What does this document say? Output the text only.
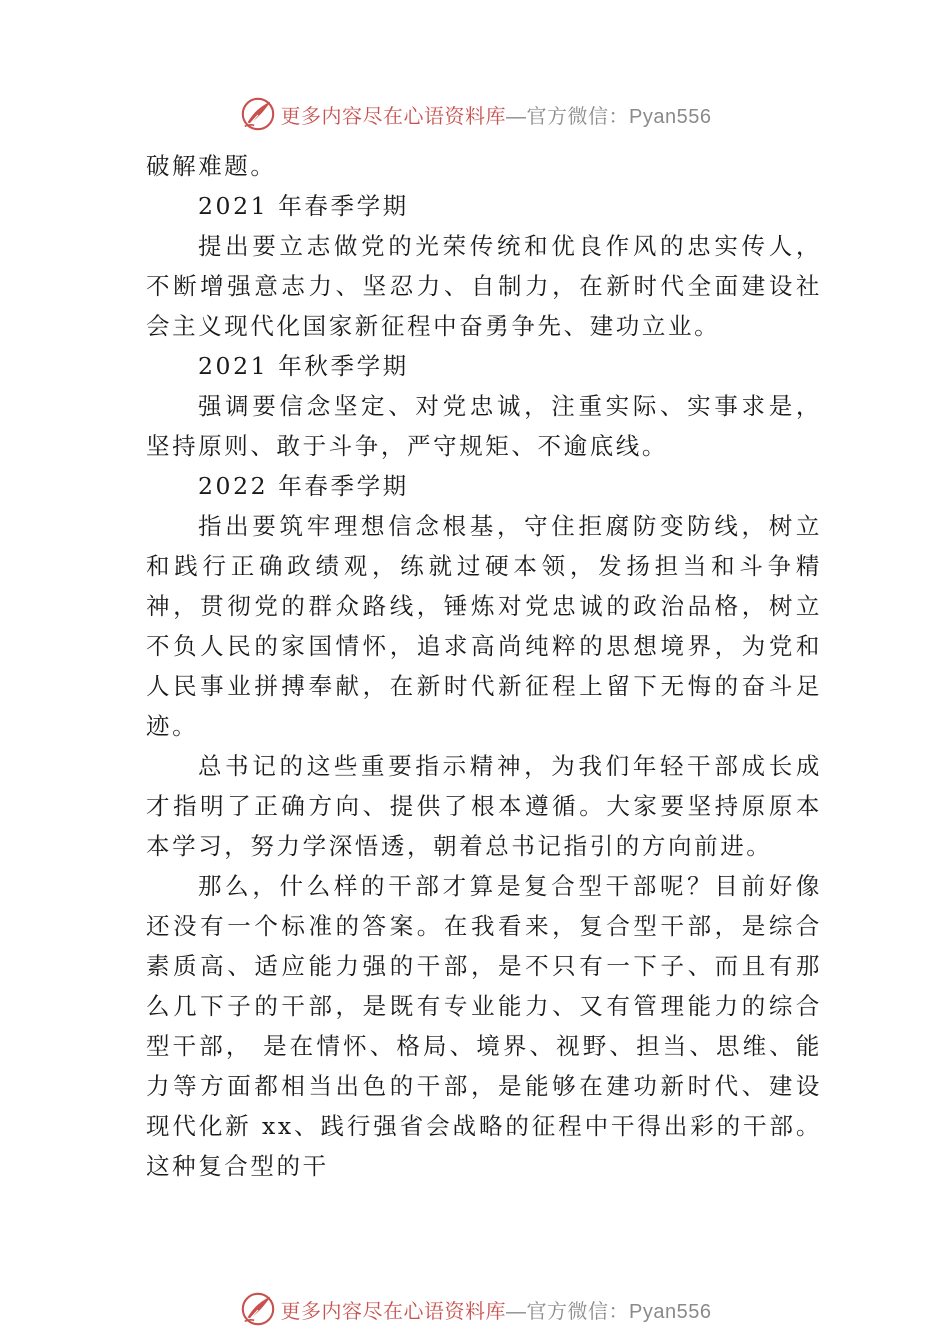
更多内容尽在心语资料库—官方微信：Pyan556

破解难题。

2021 年春季学期

提出要立志做党的光荣传统和优良作风的忠实传人，不断增强意志力、坚忍力、自制力，在新时代全面建设社会主义现代化国家新征程中奋勇争先、建功立业。

2021 年秋季学期

强调要信念坚定、对党忠诚，注重实际、实事求是，坚持原则、敢于斗争，严守规矩、不逾底线。

2022 年春季学期

指出要筑牢理想信念根基，守住拒腐防变防线，树立和践行正确政绩观，练就过硬本领，发扬担当和斗争精神，贯彻党的群众路线，锤炼对党忠诚的政治品格，树立不负人民的家国情怀，追求高尚纯粹的思想境界，为党和人民事业拼搏奉献，在新时代新征程上留下无悔的奋斗足迹。

总书记的这些重要指示精神，为我们年轻干部成长成才指明了正确方向、提供了根本遵循。大家要坚持原原本本学习，努力学深悟透，朝着总书记指引的方向前进。

那么，什么样的干部才算是复合型干部呢？目前好像还没有一个标准的答案。在我看来，复合型干部，是综合素质高、适应能力强的干部，是不只有一下子、而且有那么几下子的干部，是既有专业能力、又有管理能力的综合型干部， 是在情怀、格局、境界、视野、担当、思维、能力等方面都相当出色的干部，是能够在建功新时代、建设现代化新 xx、践行强省会战略的征程中干得出彩的干部。这种复合型的干

更多内容尽在心语资料库—官方微信：Pyan556
